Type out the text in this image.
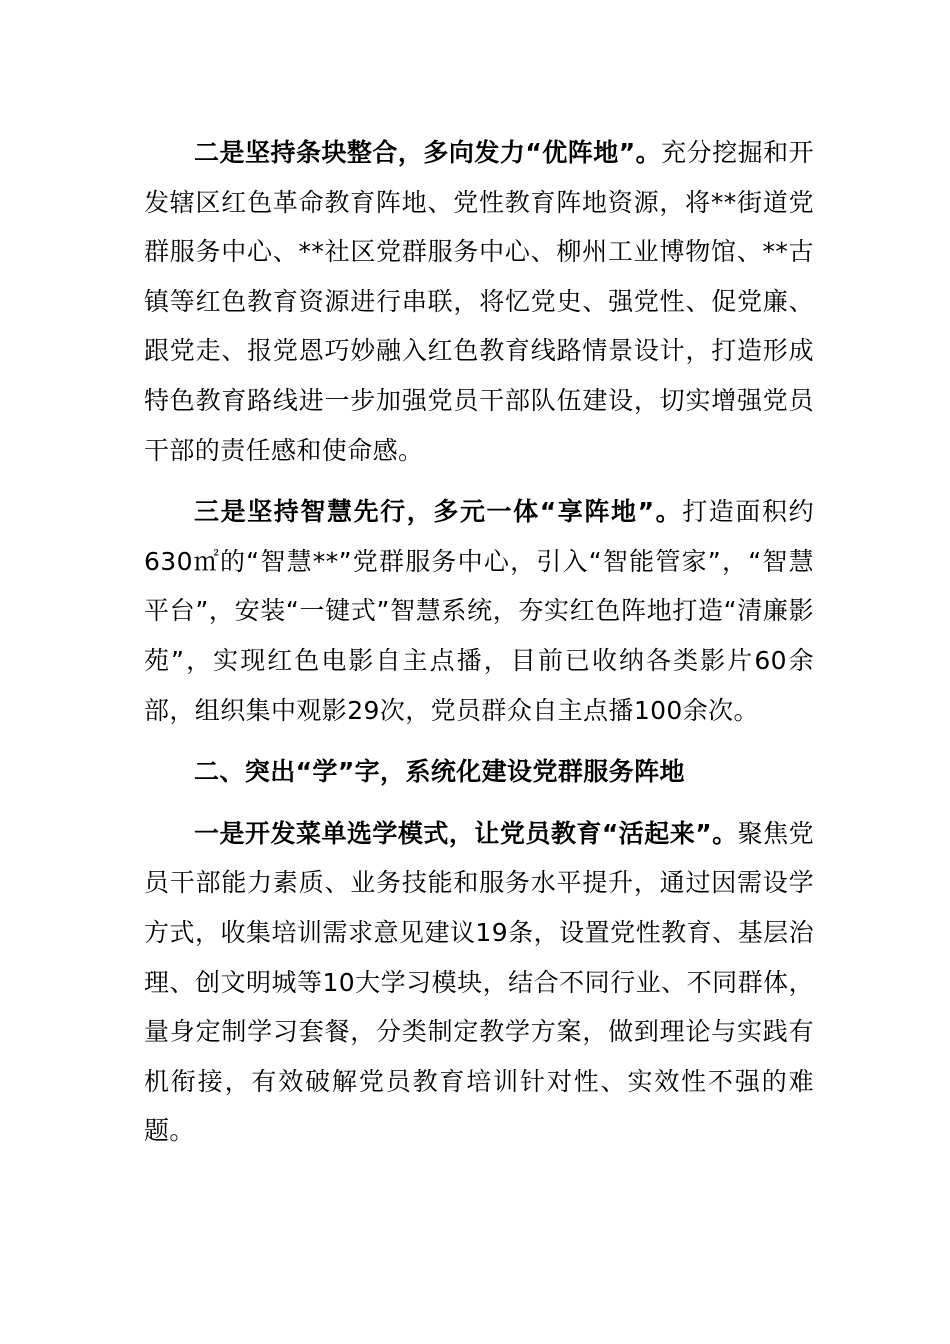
二是坚持条块整合，多向发力“优阵地”。充分挖掘和开发辖区红色革命教育阵地、党性教育阵地资源，将**街道党群服务中心、**社区党群服务中心、柳州工业博物馆、**古镇等红色教育资源进行串联，将忆党史、强党性、促党廉、跟党走、报党恩巧妙融入红色教育线路情景设计，打造形成特色教育路线进一步加强党员干部队伍建设，切实增强党员干部的责任感和使命感。

三是坚持智慧先行，多元一体“享阵地”。打造面积约630㎡的“智慧**”党群服务中心，引入“智能管家”，“智慧平台”，安装“一键式”智慧系统，夯实红色阵地打造“清廉影苑”，实现红色电影自主点播，目前已收纳各类影片60余部，组织集中观影29次，党员群众自主点播100余次。

二、突出“学”字，系统化建设党群服务阵地

一是开发菜单选学模式，让党员教育“活起来”。聚焦党员干部能力素质、业务技能和服务水平提升，通过因需设学方式，收集培训需求意见建议19条，设置党性教育、基层治理、创文明城等10大学习模块，结合不同行业、不同群体，量身定制学习套餐，分类制定教学方案，做到理论与实践有机衔接，有效破解党员教育培训针对性、实效性不强的难题。
